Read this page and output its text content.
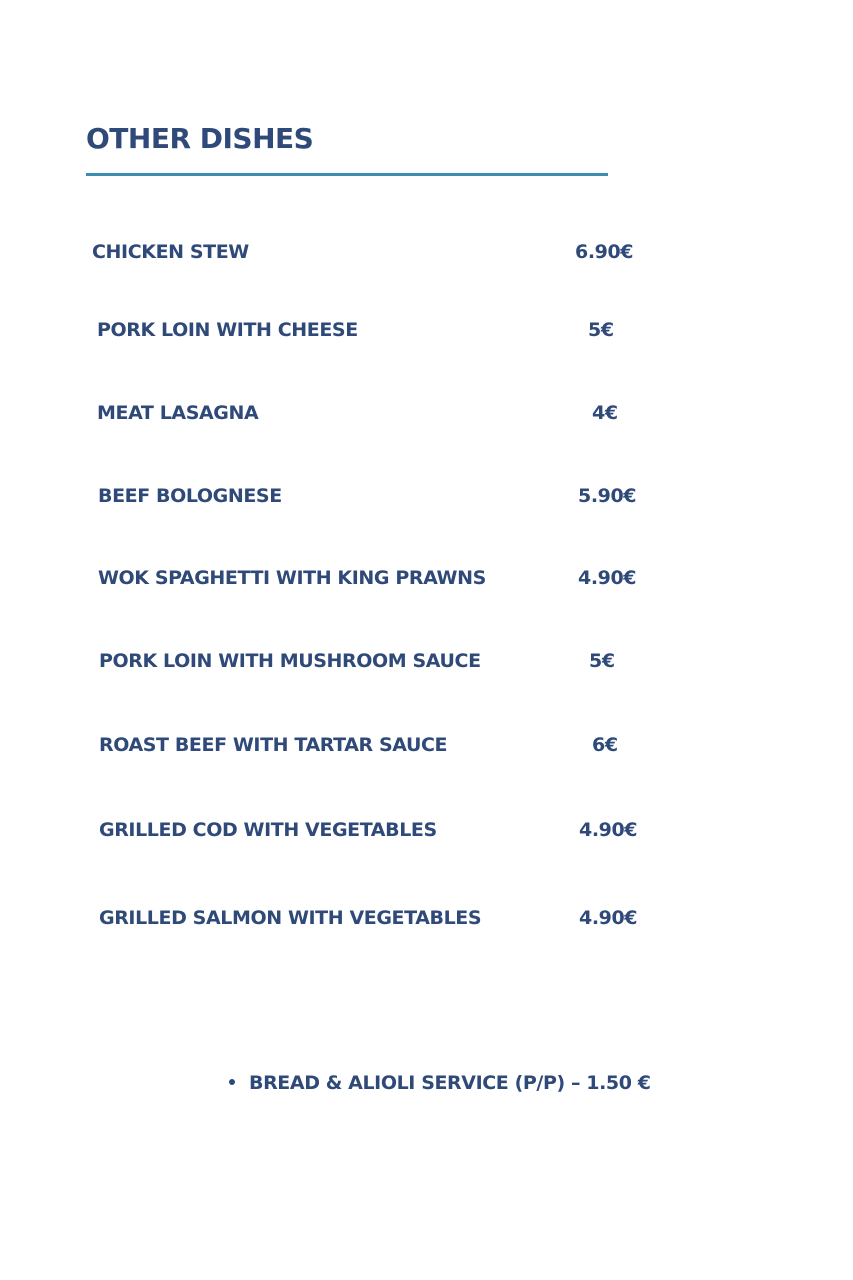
OTHER DISHES
CHICKEN STEW	6.90€
PORK LOIN WITH CHEESE	5€
MEAT LASAGNA	4€
BEEF BOLOGNESE	5.90€
WOK SPAGHETTI WITH KING PRAWNS	4.90€
PORK LOIN WITH MUSHROOM SAUCE	5€
ROAST BEEF WITH TARTAR SAUCE	6€
GRILLED COD WITH VEGETABLES	4.90€
GRILLED SALMON WITH VEGETABLES	4.90€
BREAD & ALIOLI SERVICE (P/P) – 1.50 €
